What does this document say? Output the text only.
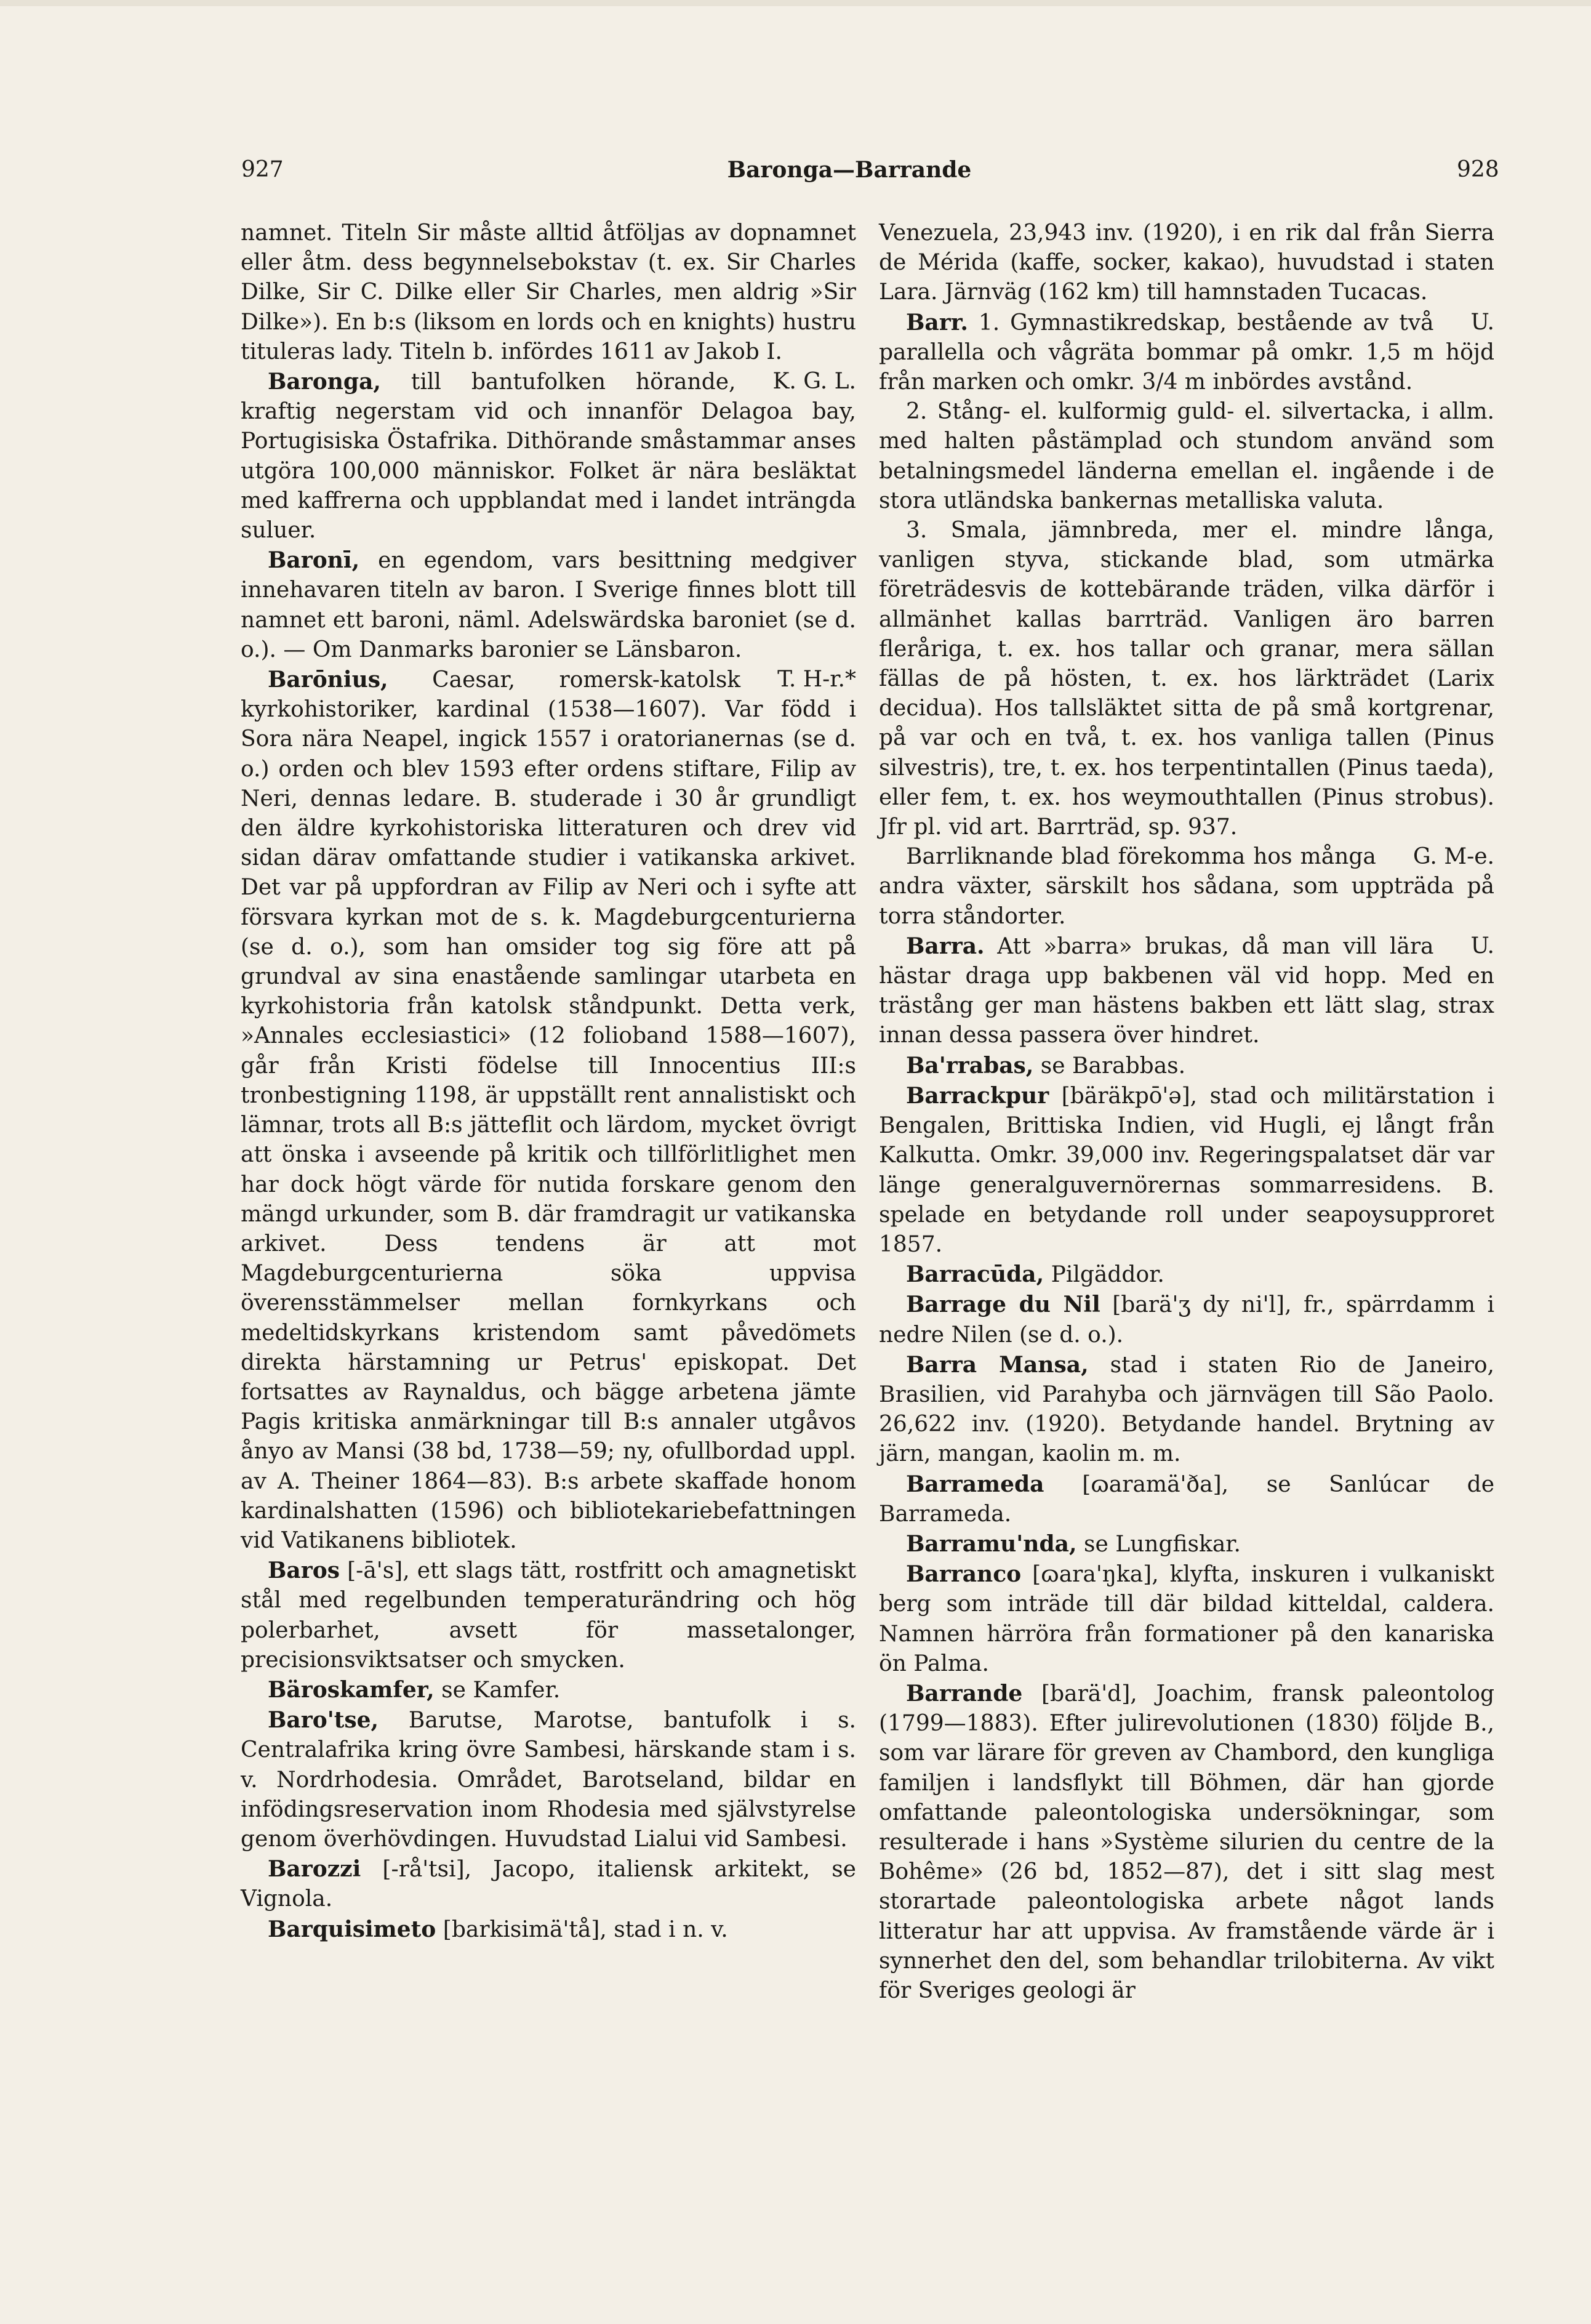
927	Baronga—Barrande	928

namnet. Titeln Sir måste alltid åtföljas av dopnamnet eller åtm. dess begynnelsebokstav (t. ex. Sir Charles Dilke, Sir C. Dilke eller Sir Charles, men aldrig »Sir Dilke»). En b:s (liksom en lords och en knights) hustru tituleras lady. Titeln b. infördes 1611 av Jakob I.

K. G. L.
Baronga, till bantufolken hörande, kraftig negerstam vid och innanför Delagoa bay, Portugisiska Östafrika. Dithörande småstammar anses utgöra 100,000 människor. Folket är nära besläktat med kaffrerna och uppblandat med i landet inträngda suluer.

Baronī, en egendom, vars besittning medgiver innehavaren titeln av baron. I Sverige finnes blott till namnet ett baroni, näml. Adelswärdska baroniet (se d. o.). — Om Danmarks baronier se Länsbaron.

T. H-r.*
Barōnius, Caesar, romersk-katolsk kyrkohistoriker, kardinal (1538—1607). Var född i Sora nära Neapel, ingick 1557 i oratorianernas (se d. o.) orden och blev 1593 efter ordens stiftare, Filip av Neri, dennas ledare. B. studerade i 30 år grundligt den äldre kyrkohistoriska litteraturen och drev vid sidan därav omfattande studier i vatikanska arkivet. Det var på uppfordran av Filip av Neri och i syfte att försvara kyrkan mot de s. k. Magdeburgcenturierna (se d. o.), som han omsider tog sig före att på grundval av sina enastående samlingar utarbeta en kyrkohistoria från katolsk ståndpunkt. Detta verk, »Annales ecclesiastici» (12 folioband 1588—1607), går från Kristi födelse till Innocentius III:s tronbestigning 1198, är uppställt rent annalistiskt och lämnar, trots all B:s jätteflit och lärdom, mycket övrigt att önska i avseende på kritik och tillförlitlighet men har dock högt värde för nutida forskare genom den mängd urkunder, som B. där framdragit ur vatikanska arkivet. Dess tendens är att mot Magdeburgcenturierna söka uppvisa överensstämmelser mellan fornkyrkans och medeltidskyrkans kristendom samt påvedömets direkta härstamning ur Petrus' episkopat. Det fortsattes av Raynaldus, och bägge arbetena jämte Pagis kritiska anmärkningar till B:s annaler utgåvos ånyo av Mansi (38 bd, 1738—59; ny, ofullbordad uppl. av A. Theiner 1864—83). B:s arbete skaffade honom kardinalshatten (1596) och bibliotekariebefattningen vid Vatikanens bibliotek.

Baros [-ā's], ett slags tätt, rostfritt och amagnetiskt stål med regelbunden temperaturändring och hög polerbarhet, avsett för massetalonger, precisionsviktsatser och smycken.

Bäroskamfer, se Kamfer.

Baro'tse, Barutse, Marotse, bantufolk i s. Centralafrika kring övre Sambesi, härskande stam i s. v. Nordrhodesia. Området, Barotseland, bildar en infödingsreservation inom Rhodesia med självstyrelse genom överhövdingen. Huvudstad Lialui vid Sambesi.

Barozzi [-rå'tsi], Jacopo, italiensk arkitekt, se Vignola.

Barquisimeto [barkisimä'tå], stad i n. v.

Venezuela, 23,943 inv. (1920), i en rik dal från Sierra de Mérida (kaffe, socker, kakao), huvudstad i staten Lara. Järnväg (162 km) till hamnstaden Tucacas.

U.
Barr. 1. Gymnastikredskap, bestående av två parallella och vågräta bommar på omkr. 1,5 m höjd från marken och omkr. 3/4 m inbördes avstånd.

2. Stång- el. kulformig guld- el. silvertacka, i allm. med halten påstämplad och stundom använd som betalningsmedel länderna emellan el. ingående i de stora utländska bankernas metalliska valuta.

3. Smala, jämnbreda, mer el. mindre långa, vanligen styva, stickande blad, som utmärka företrädesvis de kottebärande träden, vilka därför i allmänhet kallas barrträd. Vanligen äro barren fleråriga, t. ex. hos tallar och granar, mera sällan fällas de på hösten, t. ex. hos lärkträdet (Larix decidua). Hos tallsläktet sitta de på små kortgrenar, på var och en två, t. ex. hos vanliga tallen (Pinus silvestris), tre, t. ex. hos terpentintallen (Pinus taeda), eller fem, t. ex. hos weymouthtallen (Pinus strobus). Jfr pl. vid art. Barrträd, sp. 937.

G. M-e.
Barrliknande blad förekomma hos många andra växter, särskilt hos sådana, som uppträda på torra ståndorter.

U.
Barra. Att »barra» brukas, då man vill lära hästar draga upp bakbenen väl vid hopp. Med en trästång ger man hästens bakben ett lätt slag, strax innan dessa passera över hindret.

Ba'rrabas, se Barabbas.

Barrackpur [bäräkpō'ə], stad och militärstation i Bengalen, Brittiska Indien, vid Hugli, ej långt från Kalkutta. Omkr. 39,000 inv. Regeringspalatset där var länge generalguvernörernas sommarresidens. B. spelade en betydande roll under seapoysupproret 1857.

Barracūda, Pilgäddor.

Barrage du Nil [barä'ʒ dy ni'l], fr., spärrdamm i nedre Nilen (se d. o.).

Barra Mansa, stad i staten Rio de Janeiro, Brasilien, vid Parahyba och järnvägen till São Paolo. 26,622 inv. (1920). Betydande handel. Brytning av järn, mangan, kaolin m. m.

Barrameda [ɷaramä'ða], se Sanlúcar de Barrameda.

Barramu'nda, se Lungfiskar.

Barranco [ɷara'ŋka], klyfta, inskuren i vulkaniskt berg som inträde till där bildad kitteldal, caldera. Namnen härröra från formationer på den kanariska ön Palma.

Barrande [barä'd], Joachim, fransk paleontolog (1799—1883). Efter julirevolutionen (1830) följde B., som var lärare för greven av Chambord, den kungliga familjen i landsflykt till Böhmen, där han gjorde omfattande paleontologiska undersökningar, som resulterade i hans »Système silurien du centre de la Bohême» (26 bd, 1852—87), det i sitt slag mest storartade paleontologiska arbete något lands litteratur har att uppvisa. Av framstående värde är i synnerhet den del, som behandlar trilobiterna. Av vikt för Sveriges geologi är
